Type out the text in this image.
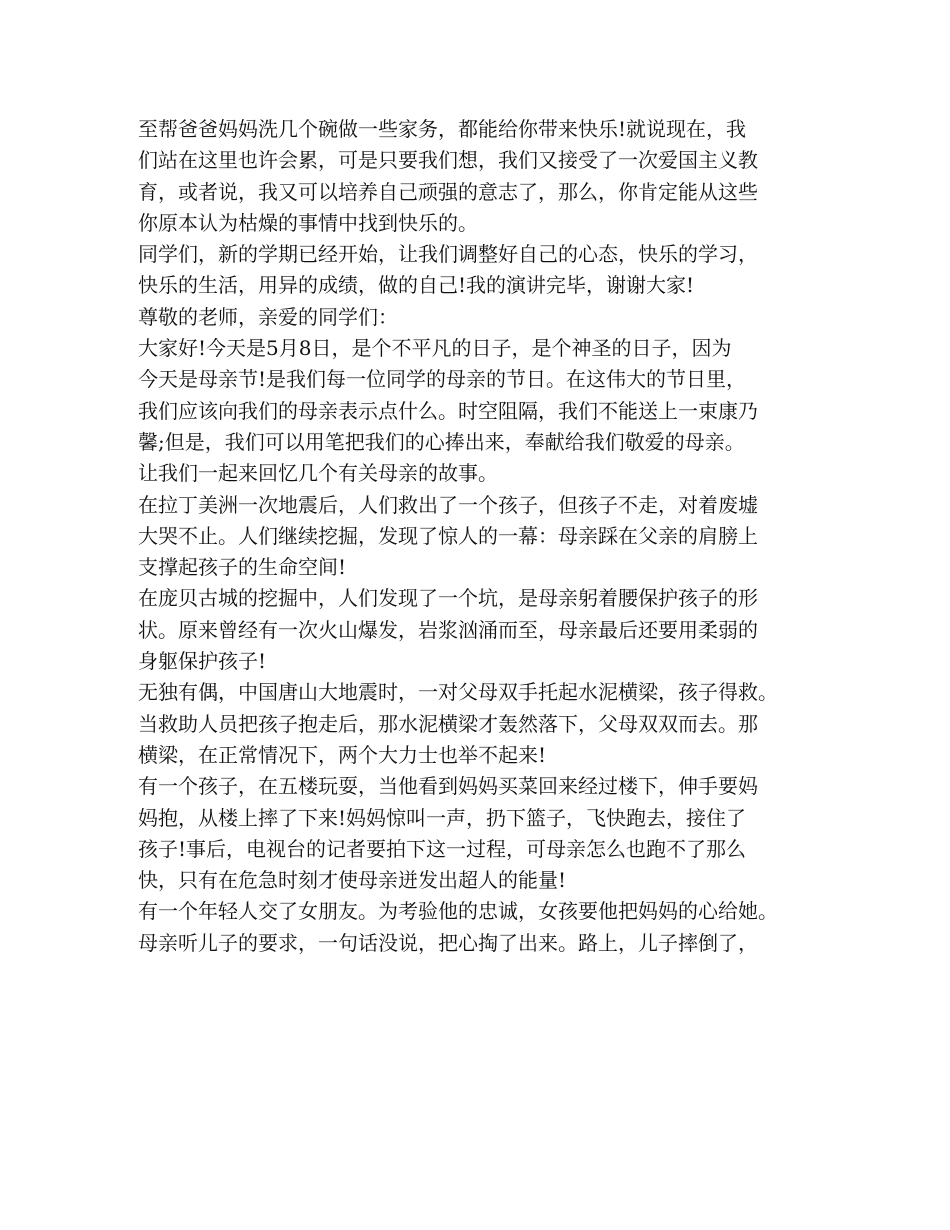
至帮爸爸妈妈洗几个碗做一些家务，都能给你带来快乐!就说现在，我
们站在这里也许会累，可是只要我们想，我们又接受了一次爱国主义教
育，或者说，我又可以培养自己顽强的意志了，那么，你肯定能从这些
你原本认为枯燥的事情中找到快乐的。
同学们，新的学期已经开始，让我们调整好自己的心态，快乐的学习，
快乐的生活，用异的成绩，做的自己!我的演讲完毕，谢谢大家!
尊敬的老师，亲爱的同学们：
大家好!今天是5月8日，是个不平凡的日子，是个神圣的日子，因为
今天是母亲节!是我们每一位同学的母亲的节日。在这伟大的节日里，
我们应该向我们的母亲表示点什么。时空阻隔，我们不能送上一束康乃
馨;但是，我们可以用笔把我们的心捧出来，奉献给我们敬爱的母亲。
让我们一起来回忆几个有关母亲的故事。
在拉丁美洲一次地震后，人们救出了一个孩子，但孩子不走，对着废墟
大哭不止。人们继续挖掘，发现了惊人的一幕：母亲踩在父亲的肩膀上
支撑起孩子的生命空间!
在庞贝古城的挖掘中，人们发现了一个坑，是母亲躬着腰保护孩子的形
状。原来曾经有一次火山爆发，岩浆汹涌而至，母亲最后还要用柔弱的
身躯保护孩子!
无独有偶，中国唐山大地震时，一对父母双手托起水泥横梁，孩子得救。
当救助人员把孩子抱走后，那水泥横梁才轰然落下，父母双双而去。那
横梁，在正常情况下，两个大力士也举不起来!
有一个孩子，在五楼玩耍，当他看到妈妈买菜回来经过楼下，伸手要妈
妈抱，从楼上摔了下来!妈妈惊叫一声，扔下篮子，飞快跑去，接住了
孩子!事后，电视台的记者要拍下这一过程，可母亲怎么也跑不了那么
快，只有在危急时刻才使母亲迸发出超人的能量!
有一个年轻人交了女朋友。为考验他的忠诚，女孩要他把妈妈的心给她。
母亲听儿子的要求，一句话没说，把心掏了出来。路上，儿子摔倒了，
